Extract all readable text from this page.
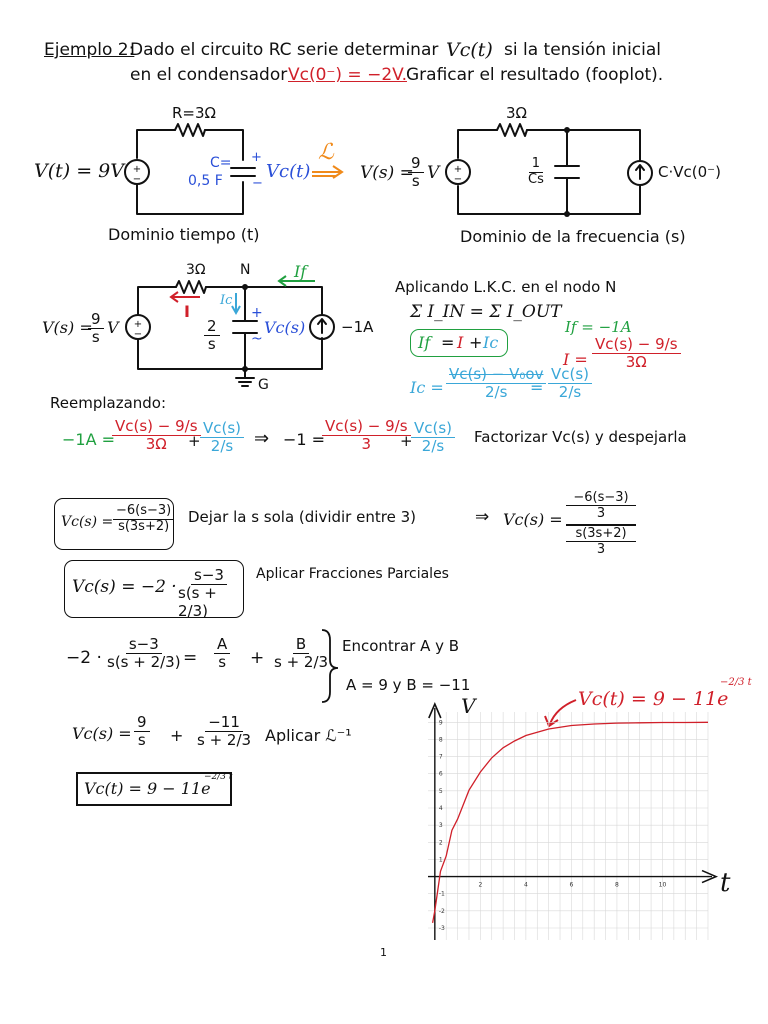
Ejemplo 2:
Dado el circuito RC serie determinar Vc(t) si la tensión inicial
en el condensador Vc(0⁻) = −2V. Graficar el resultado (fooplot).
+
−
+
−
+
−
R=3Ω
V(t) = 9V	C=
0,5 F
+
−
Vc(t)
Dominio tiempo (t)
ℒ
3Ω
V(s) =
$\frac{9}{s}$ V	$\frac{1}{Cs}$	C·Vc(0⁻)
Dominio de la frecuencia (s)
3Ω N	If
I
Ic
V(s) =
$\frac{9}{s}$ V	$\frac{2}{s}$
+
~
Vc(s) −1A
G
Aplicando L.K.C. en el nodo N
Σ I_IN = Σ I_OUT
If = I + Ic
If = −1A
$I = \frac{Vc(s) - 9/s}{3\Omega}$
$Ic = \frac{\text{Vc(s) − V₀ov}}{2/s}$
= $\frac{Vc(s)}{2/s}$
Reemplazando:
−1A =
$\frac{Vc(s) - 9/s}{3\Omega}$
+ $\frac{Vc(s)}{2/s}$ ⇒ −1 =
$\frac{Vc(s) - 9/s}{3}$
+
$\frac{Vc(s)}{2/s}$ Factorizar Vc(s) y despejarla
$Vc(s) = \frac{-6(s-3)}{s(3s+2)}$ Dejar la s sola (dividir entre 3)	⇒ Vc(s) =
−6(s−3)
3
s(3s+2)
3
Vc(s) = −2 ·
$\frac{s-3}{s(s + 2/3)}$ Aplicar Fracciones Parciales
$-2 \cdot \frac{s-3}{s(s + 2/3)} = \frac{A}{s} + \frac{B}{s + 2/3}$ Encontrar A y B
A = 9 y B = −11
$Vc(s) = \frac{9}{s} + \frac{-11}{s + 2/3}$ Aplicar ℒ⁻¹
Vc(t) = 9 − 11e
−2/3 t
Vc(t) = 9 − 11e
−2/3 t
2	4	6	8	10
-3
-2
-1
1
2
3
4
5
6
7
8
9
V
t
1
